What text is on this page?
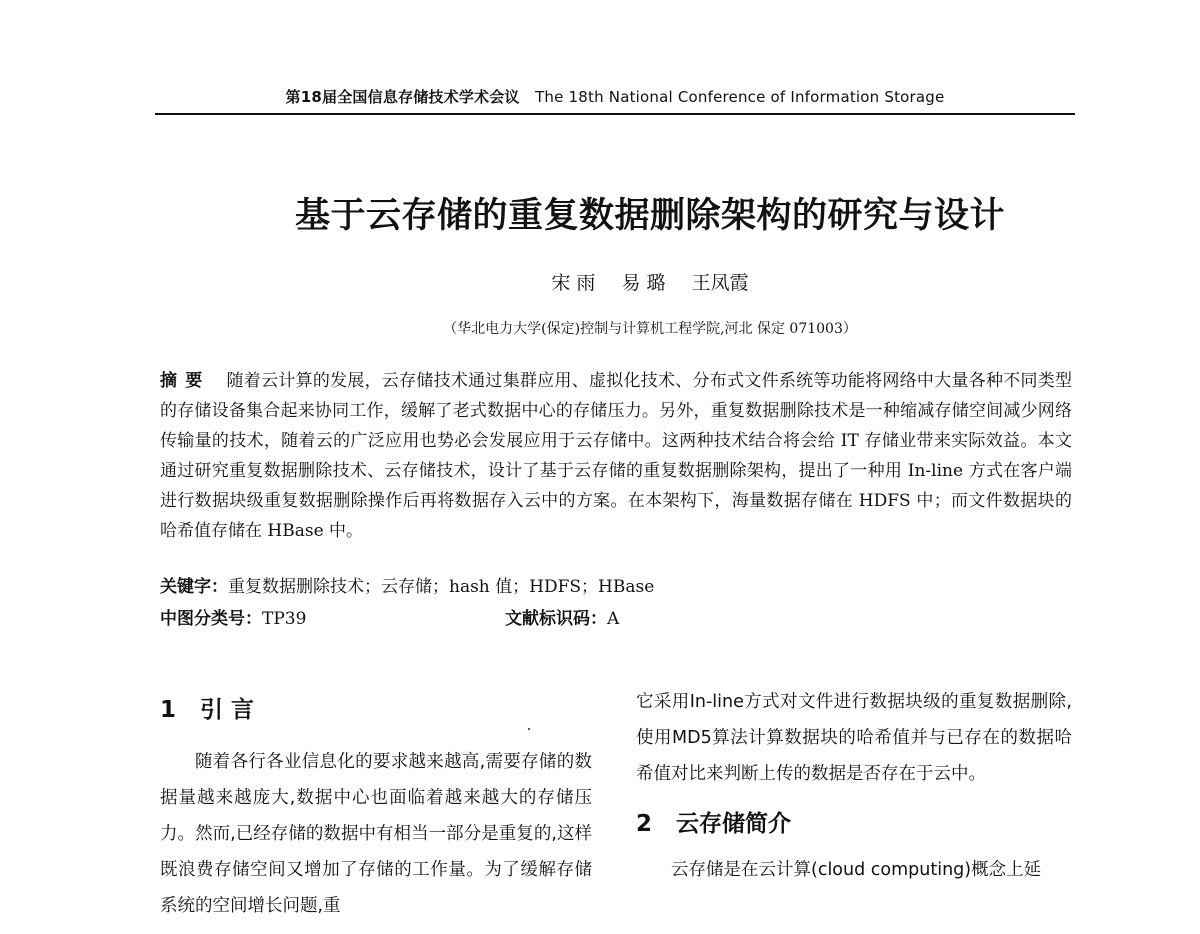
第18届全国信息存储技术学术会议 The 18th National Conference of Information Storage
基于云存储的重复数据删除架构的研究与设计
宋 雨 易 璐 王凤霞
（华北电力大学(保定)控制与计算机工程学院,河北 保定 071003）
摘要 随着云计算的发展，云存储技术通过集群应用、虚拟化技术、分布式文件系统等功能将网络中大量各种不同类型的存储设备集合起来协同工作，缓解了老式数据中心的存储压力。另外，重复数据删除技术是一种缩减存储空间减少网络传输量的技术，随着云的广泛应用也势必会发展应用于云存储中。这两种技术结合将会给 IT 存储业带来实际效益。本文通过研究重复数据删除技术、云存储技术，设计了基于云存储的重复数据删除架构，提出了一种用 In-line 方式在客户端进行数据块级重复数据删除操作后再将数据存入云中的方案。在本架构下，海量数据存储在 HDFS 中；而文件数据块的哈希值存储在 HBase 中。
关键字：重复数据删除技术；云存储；hash 值；HDFS；HBase
中图分类号：TP39	文献标识码：A
1 引 言

随着各行各业信息化的要求越来越高,需要存储的数据量越来越庞大,数据中心也面临着越来越大的存储压力。然而,已经存储的数据中有相当一部分是重复的,这样既浪费存储空间又增加了存储的工作量。为了缓解存储系统的空间增长问题,重

它采用In-line方式对文件进行数据块级的重复数据删除,使用MD5算法计算数据块的哈希值并与已存在的数据哈希值对比来判断上传的数据是否存在于云中。

2 云存储简介

云存储是在云计算(cloud computing)概念上延
